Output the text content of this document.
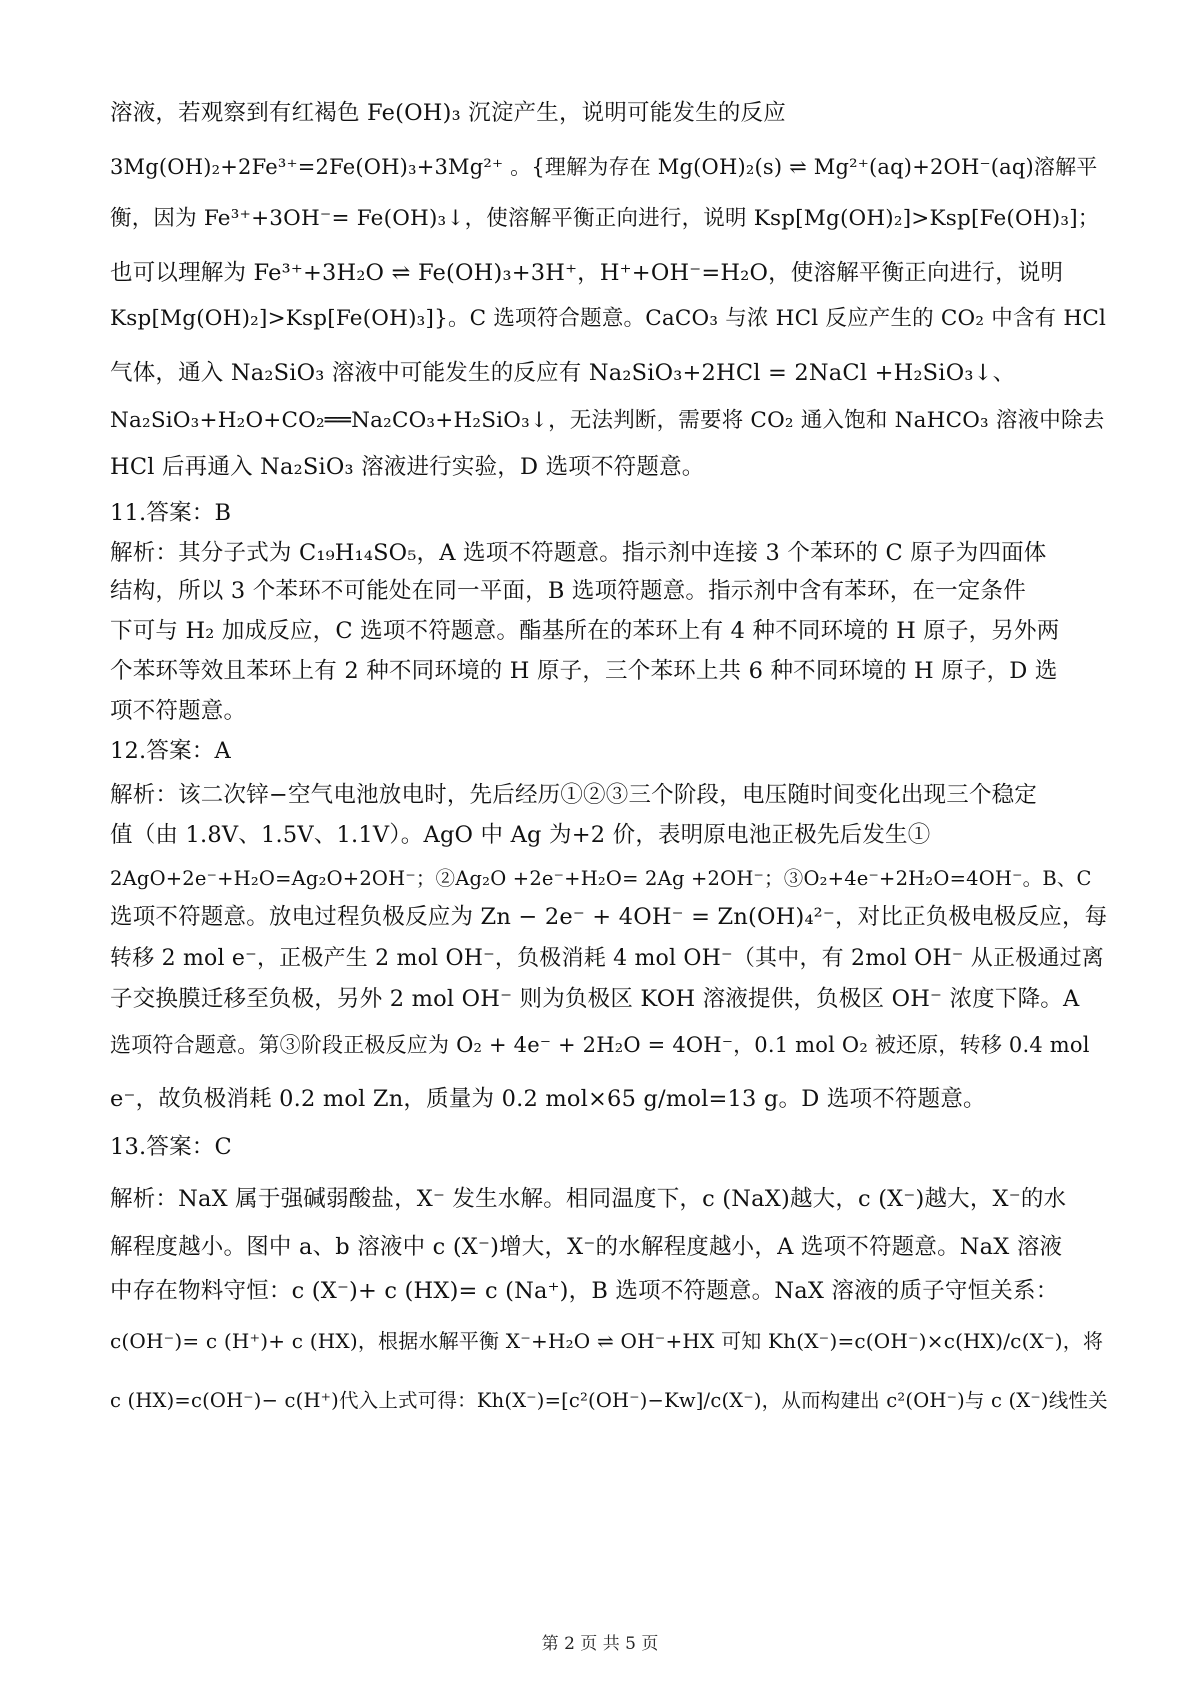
溶液，若观察到有红褐色 Fe(OH)₃ 沉淀产生，说明可能发生的反应
3Mg(OH)₂+2Fe³⁺=2Fe(OH)₃+3Mg²⁺ 。{理解为存在 Mg(OH)₂(s) ⇌ Mg²⁺(aq)+2OH⁻(aq)溶解平
衡，因为 Fe³⁺+3OH⁻= Fe(OH)₃↓，使溶解平衡正向进行，说明 Ksp[Mg(OH)₂]>Ksp[Fe(OH)₃]；
也可以理解为 Fe³⁺+3H₂O ⇌ Fe(OH)₃+3H⁺，H⁺+OH⁻=H₂O，使溶解平衡正向进行，说明
Ksp[Mg(OH)₂]>Ksp[Fe(OH)₃]}。C 选项符合题意。CaCO₃ 与浓 HCl 反应产生的 CO₂ 中含有 HCl
气体，通入 Na₂SiO₃ 溶液中可能发生的反应有 Na₂SiO₃+2HCl = 2NaCl +H₂SiO₃↓、
Na₂SiO₃+H₂O+CO₂══Na₂CO₃+H₂SiO₃↓，无法判断，需要将 CO₂ 通入饱和 NaHCO₃ 溶液中除去
HCl 后再通入 Na₂SiO₃ 溶液进行实验，D 选项不符题意。
11.答案：B
解析：其分子式为 C₁₉H₁₄SO₅，A 选项不符题意。指示剂中连接 3 个苯环的 C 原子为四面体
结构，所以 3 个苯环不可能处在同一平面，B 选项符题意。指示剂中含有苯环，在一定条件
下可与 H₂ 加成反应，C 选项不符题意。酯基所在的苯环上有 4 种不同环境的 H 原子，另外两
个苯环等效且苯环上有 2 种不同环境的 H 原子，三个苯环上共 6 种不同环境的 H 原子，D 选
项不符题意。
12.答案：A
解析：该二次锌−空气电池放电时，先后经历①②③三个阶段，电压随时间变化出现三个稳定
值（由 1.8V、1.5V、1.1V）。AgO 中 Ag 为+2 价，表明原电池正极先后发生①
2AgO+2e⁻+H₂O=Ag₂O+2OH⁻；②Ag₂O +2e⁻+H₂O= 2Ag +2OH⁻；③O₂+4e⁻+2H₂O=4OH⁻。B、C
选项不符题意。放电过程负极反应为 Zn − 2e⁻ + 4OH⁻ = Zn(OH)₄²⁻，对比正负极电极反应，每
转移 2 mol e⁻，正极产生 2 mol OH⁻，负极消耗 4 mol OH⁻（其中，有 2mol OH⁻ 从正极通过离
子交换膜迁移至负极，另外 2 mol OH⁻ 则为负极区 KOH 溶液提供，负极区 OH⁻ 浓度下降。A
选项符合题意。第③阶段正极反应为 O₂ + 4e⁻ + 2H₂O = 4OH⁻，0.1 mol O₂ 被还原，转移 0.4 mol
e⁻，故负极消耗 0.2 mol Zn，质量为 0.2 mol×65 g/mol=13 g。D 选项不符题意。
13.答案：C
解析：NaX 属于强碱弱酸盐，X⁻ 发生水解。相同温度下，c (NaX)越大，c (X⁻)越大，X⁻的水
解程度越小。图中 a、b 溶液中 c (X⁻)增大，X⁻的水解程度越小，A 选项不符题意。NaX 溶液
中存在物料守恒：c (X⁻)+ c (HX)= c (Na⁺)，B 选项不符题意。NaX 溶液的质子守恒关系：
c(OH⁻)= c (H⁺)+ c (HX)，根据水解平衡 X⁻+H₂O ⇌ OH⁻+HX 可知 Kh(X⁻)=c(OH⁻)×c(HX)/c(X⁻)，将
c (HX)=c(OH⁻)− c(H⁺)代入上式可得：Kh(X⁻)=[c²(OH⁻)−Kw]/c(X⁻)，从而构建出 c²(OH⁻)与 c (X⁻)线性关
第 2 页 共 5 页
